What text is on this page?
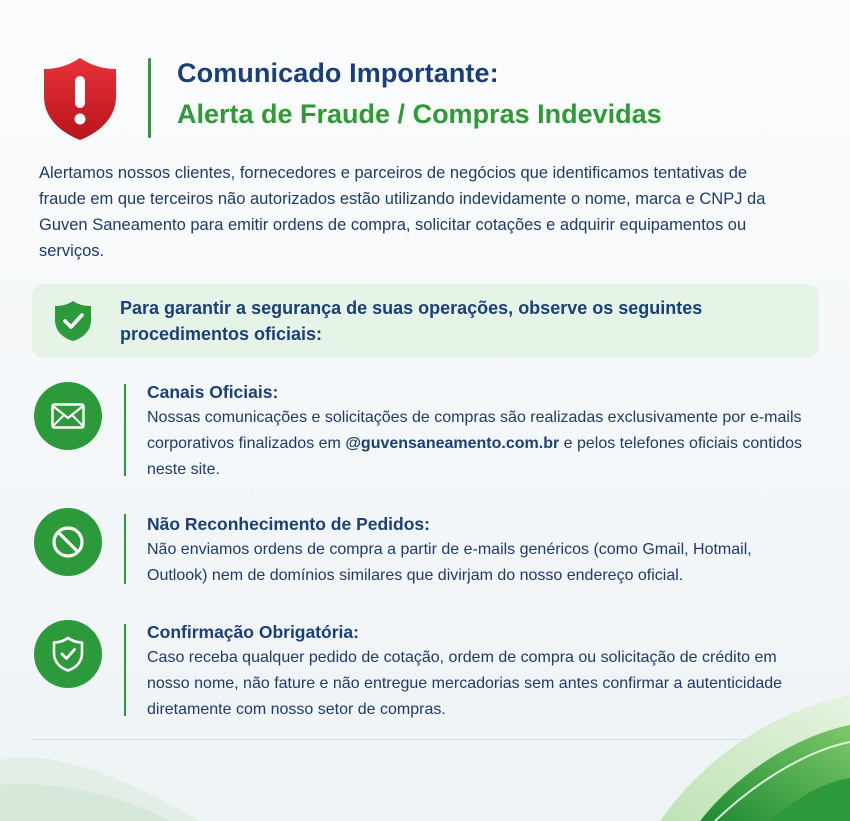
Comunicado Importante:
Alerta de Fraude / Compras Indevidas

Alertamos nossos clientes, fornecedores e parceiros de negócios que identificamos tentativas de fraude em que terceiros não autorizados estão utilizando indevidamente o nome, marca e CNPJ da Guven Saneamento para emitir ordens de compra, solicitar cotações e adquirir equipamentos ou serviços.

Para garantir a segurança de suas operações, observe os seguintes procedimentos oficiais:

Canais Oficiais:

Nossas comunicações e solicitações de compras são realizadas exclusivamente por e-mails corporativos finalizados em @guvensaneamento.com.br e pelos telefones oficiais contidos neste site.

Não Reconhecimento de Pedidos:

Não enviamos ordens de compra a partir de e-mails genéricos (como Gmail, Hotmail, Outlook) nem de domínios similares que divirjam do nosso endereço oficial.

Confirmação Obrigatória:

Caso receba qualquer pedido de cotação, ordem de compra ou solicitação de crédito em nosso nome, não fature e não entregue mercadorias sem antes confirmar a autenticidade diretamente com nosso setor de compras.
